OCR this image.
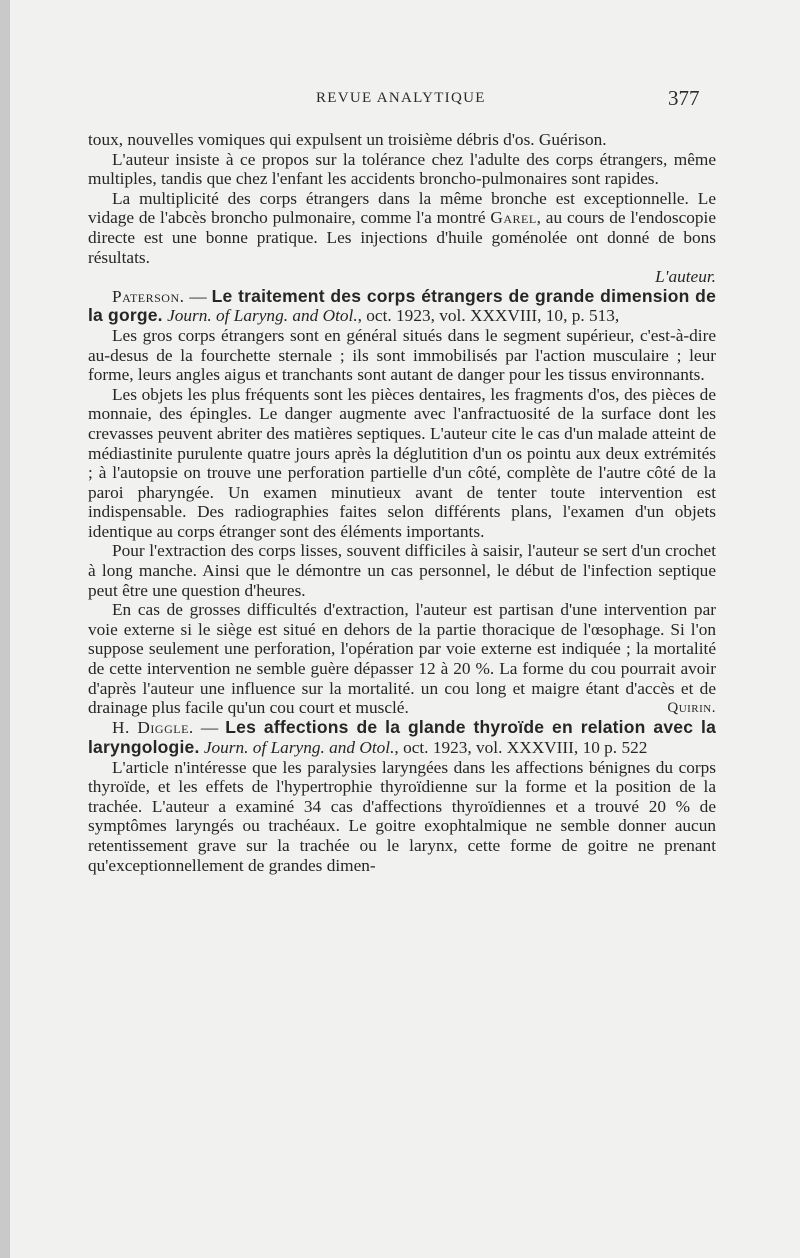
REVUE ANALYTIQUE	377

toux, nouvelles vomiques qui expulsent un troisième débris d'os. Guérison.

L'auteur insiste à ce propos sur la tolérance chez l'adulte des corps étrangers, même multiples, tandis que chez l'enfant les accidents broncho-pulmonaires sont rapides.

La multiplicité des corps étrangers dans la même bronche est exceptionnelle. Le vidage de l'abcès broncho pulmonaire, comme l'a montré Garel, au cours de l'endoscopie directe est une bonne pratique. Les injections d'huile goménolée ont donné de bons résultats.

L'auteur.

Paterson. — Le traitement des corps étrangers de grande dimension de la gorge. Journ. of Laryng. and Otol., oct. 1923, vol. XXXVIII, 10, p. 513,

Les gros corps étrangers sont en général situés dans le segment supérieur, c'est-à-dire au-desus de la fourchette sternale ; ils sont immobilisés par l'action musculaire ; leur forme, leurs angles aigus et tranchants sont autant de danger pour les tissus environnants.

Les objets les plus fréquents sont les pièces dentaires, les fragments d'os, des pièces de monnaie, des épingles. Le danger augmente avec l'anfractuosité de la surface dont les crevasses peuvent abriter des matières septiques. L'auteur cite le cas d'un malade atteint de médiastinite purulente quatre jours après la déglutition d'un os pointu aux deux extrémités ; à l'autopsie on trouve une perforation partielle d'un côté, complète de l'autre côté de la paroi pharyngée. Un examen minutieux avant de tenter toute intervention est indispensable. Des radiographies faites selon différents plans, l'examen d'un objets identique au corps étranger sont des éléments importants.

Pour l'extraction des corps lisses, souvent difficiles à saisir, l'auteur se sert d'un crochet à long manche. Ainsi que le démontre un cas personnel, le début de l'infection septique peut être une question d'heures.

En cas de grosses difficultés d'extraction, l'auteur est partisan d'une intervention par voie externe si le siège est situé en dehors de la partie thoracique de l'œsophage. Si l'on suppose seulement une perforation, l'opération par voie externe est indiquée ; la mortalité de cette intervention ne semble guère dépasser 12 à 20 %. La forme du cou pourrait avoir d'après l'auteur une influence sur la mortalité. un cou long et maigre étant d'accès et de drainage plus facile qu'un cou court et musclé.	Quirin.

H. Diggle. — Les affections de la glande thyroïde en relation avec la laryngologie. Journ. of Laryng. and Otol., oct. 1923, vol. XXXVIII, 10 p. 522

L'article n'intéresse que les paralysies laryngées dans les affections bénignes du corps thyroïde, et les effets de l'hypertrophie thyroïdienne sur la forme et la position de la trachée. L'auteur a examiné 34 cas d'affections thyroïdiennes et a trouvé 20 % de symptômes laryngés ou trachéaux. Le goitre exophtalmique ne semble donner aucun retentissement grave sur la trachée ou le larynx, cette forme de goitre ne prenant qu'exceptionnellement de grandes dimen-
